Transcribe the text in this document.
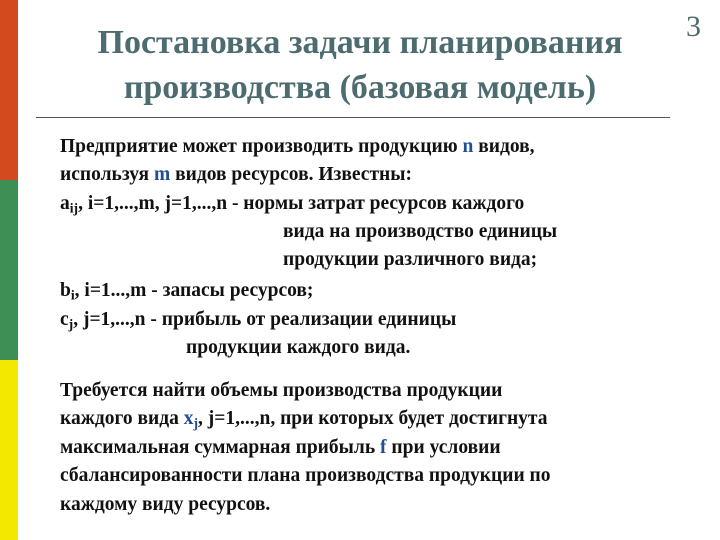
Постановка задачи планирования
производства (базовая модель)
3
Предприятие может производить продукцию n видов,
используя m видов ресурсов. Известны:
$a_{ij}$, i=1,...,m, j=1,...,n - нормы затрат ресурсов каждого
вида на производство единицы
продукции различного вида;
$b_i$, i=1...,m - запасы ресурсов;
$c_j$, j=1,...,n - прибыль от реализации единицы
продукции каждого вида.
Требуется найти объемы производства продукции
каждого вида $x_j$, j=1,...,n, при которых будет достигнута
максимальная суммарная прибыль f при условии
сбалансированности плана производства продукции по
каждому виду ресурсов.
